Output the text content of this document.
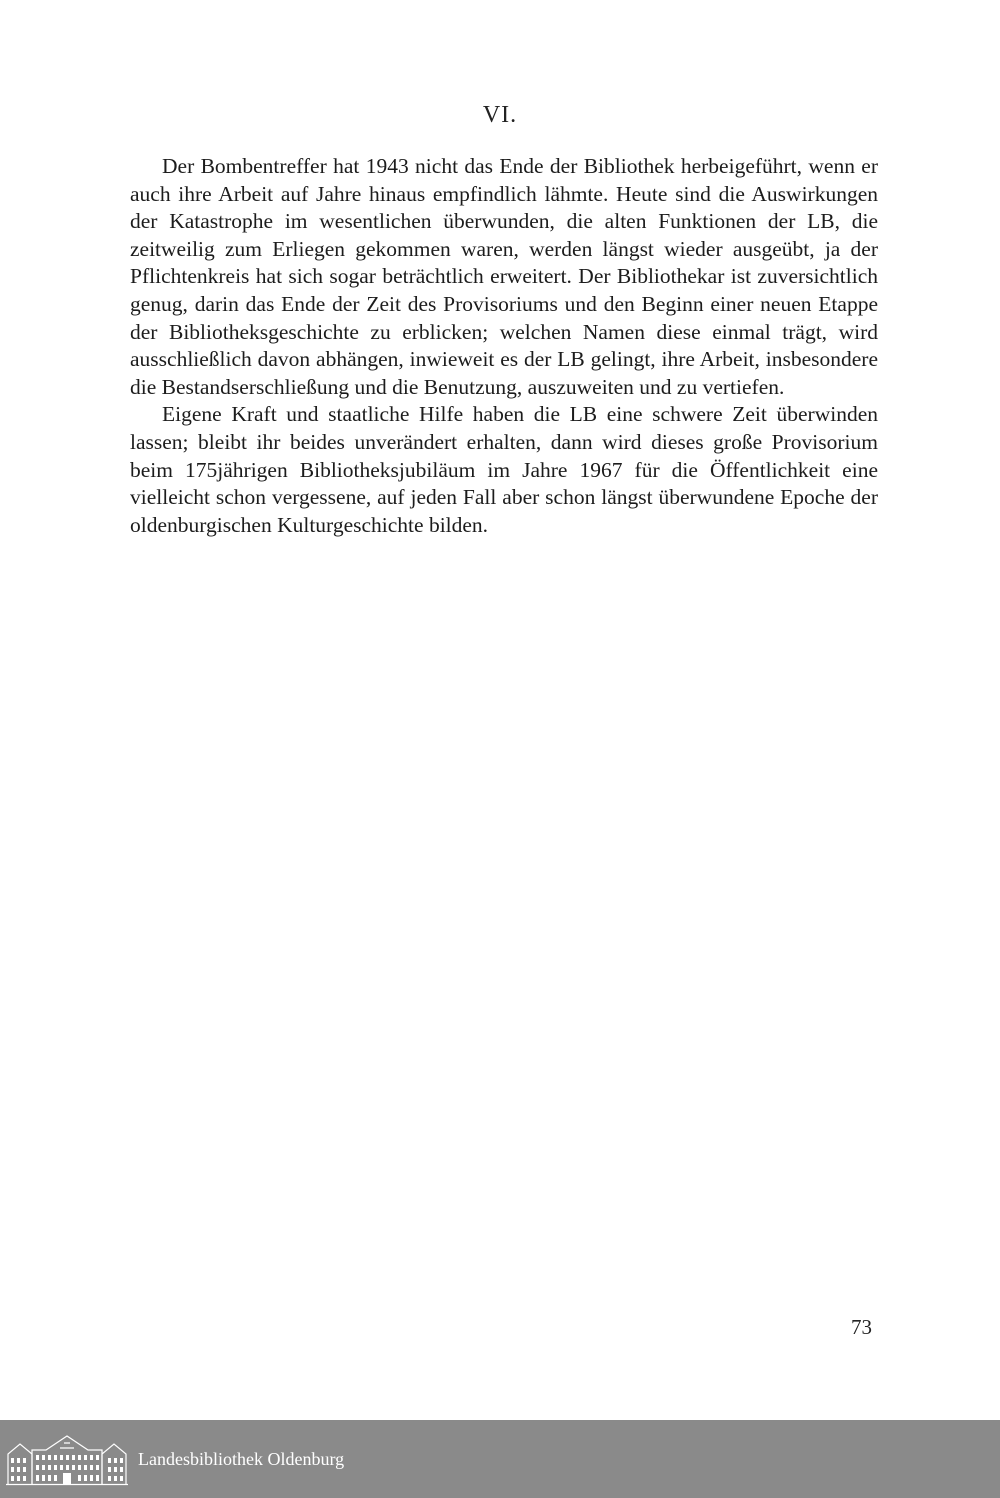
VI.

Der Bombentreffer hat 1943 nicht das Ende der Bibliothek herbeigeführt, wenn er auch ihre Arbeit auf Jahre hinaus empfindlich lähmte. Heute sind die Auswirkungen der Katastrophe im wesentlichen überwunden, die alten Funktionen der LB, die zeitweilig zum Erliegen gekommen waren, werden längst wieder ausgeübt, ja der Pflichtenkreis hat sich sogar beträchtlich erweitert. Der Bibliothekar ist zuversichtlich genug, darin das Ende der Zeit des Provisoriums und den Beginn einer neuen Etappe der Bibliotheksgeschichte zu erblicken; welchen Namen diese einmal trägt, wird ausschließlich davon abhängen, inwieweit es der LB gelingt, ihre Arbeit, insbesondere die Bestandserschließung und die Benutzung, auszuweiten und zu vertiefen.

Eigene Kraft und staatliche Hilfe haben die LB eine schwere Zeit überwinden lassen; bleibt ihr beides unverändert erhalten, dann wird dieses große Provisorium beim 175jährigen Bibliotheksjubiläum im Jahre 1967 für die Öffentlichkeit eine vielleicht schon vergessene, auf jeden Fall aber schon längst überwundene Epoche der oldenburgischen Kulturgeschichte bilden.

73
Landesbibliothek Oldenburg
